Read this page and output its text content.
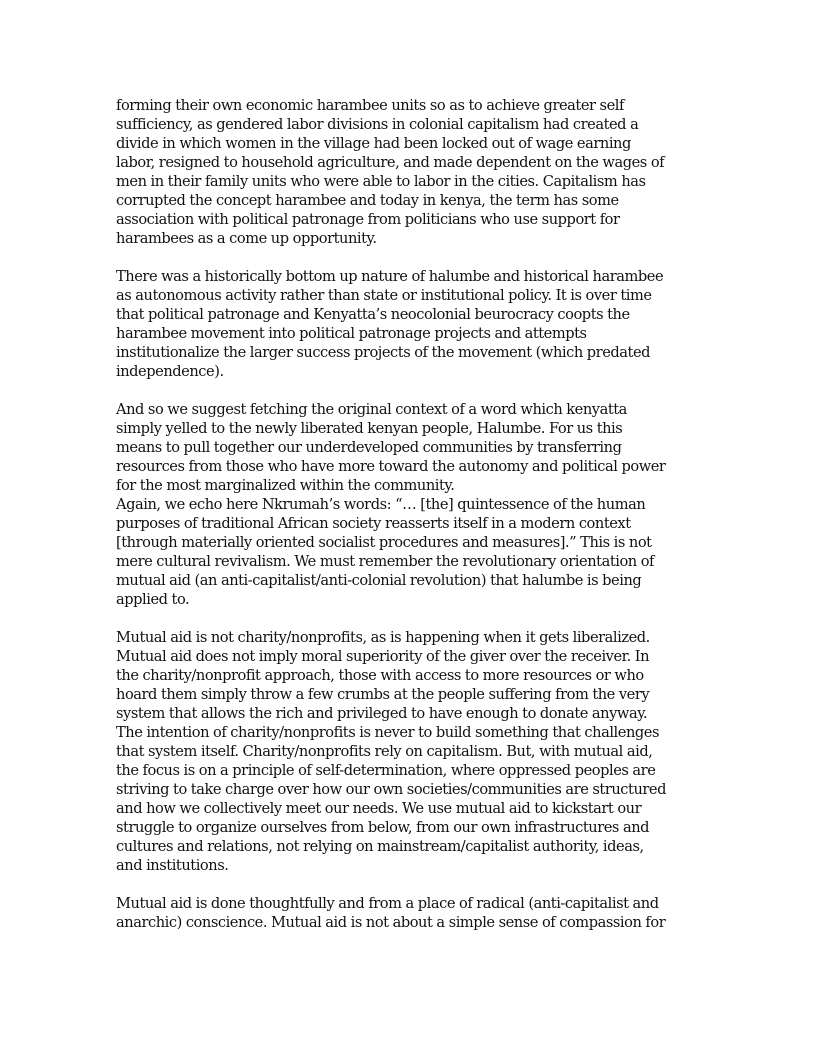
forming their own economic harambee units so as to achieve greater self
sufficiency, as gendered labor divisions in colonial capitalism had created a
divide in which women in the village had been locked out of wage earning
labor, resigned to household agriculture, and made dependent on the wages of
men in their family units who were able to labor in the cities. Capitalism has
corrupted the concept harambee and today in kenya, the term has some
association with political patronage from politicians who use support for
harambees as a come up opportunity.

There was a historically bottom up nature of halumbe and historical harambee
as autonomous activity rather than state or institutional policy. It is over time
that political patronage and Kenyatta’s neocolonial beurocracy coopts the
harambee movement into political patronage projects and attempts
institutionalize the larger success projects of the movement (which predated
independence).

And so we suggest fetching the original context of a word which kenyatta
simply yelled to the newly liberated kenyan people, Halumbe. For us this
means to pull together our underdeveloped communities by transferring
resources from those who have more toward the autonomy and political power
for the most marginalized within the community.
Again, we echo here Nkrumah’s words: “… [the] quintessence of the human
purposes of traditional African society reasserts itself in a modern context
[through materially oriented socialist procedures and measures].” This is not
mere cultural revivalism. We must remember the revolutionary orientation of
mutual aid (an anti-capitalist/anti-colonial revolution) that halumbe is being
applied to.

Mutual aid is not charity/nonprofits, as is happening when it gets liberalized.
Mutual aid does not imply moral superiority of the giver over the receiver. In
the charity/nonprofit approach, those with access to more resources or who
hoard them simply throw a few crumbs at the people suffering from the very
system that allows the rich and privileged to have enough to donate anyway.
The intention of charity/nonprofits is never to build something that challenges
that system itself. Charity/nonprofits rely on capitalism. But, with mutual aid,
the focus is on a principle of self-determination, where oppressed peoples are
striving to take charge over how our own societies/communities are structured
and how we collectively meet our needs. We use mutual aid to kickstart our
struggle to organize ourselves from below, from our own infrastructures and
cultures and relations, not relying on mainstream/capitalist authority, ideas,
and institutions.

Mutual aid is done thoughtfully and from a place of radical (anti-capitalist and
anarchic) conscience. Mutual aid is not about a simple sense of compassion for
